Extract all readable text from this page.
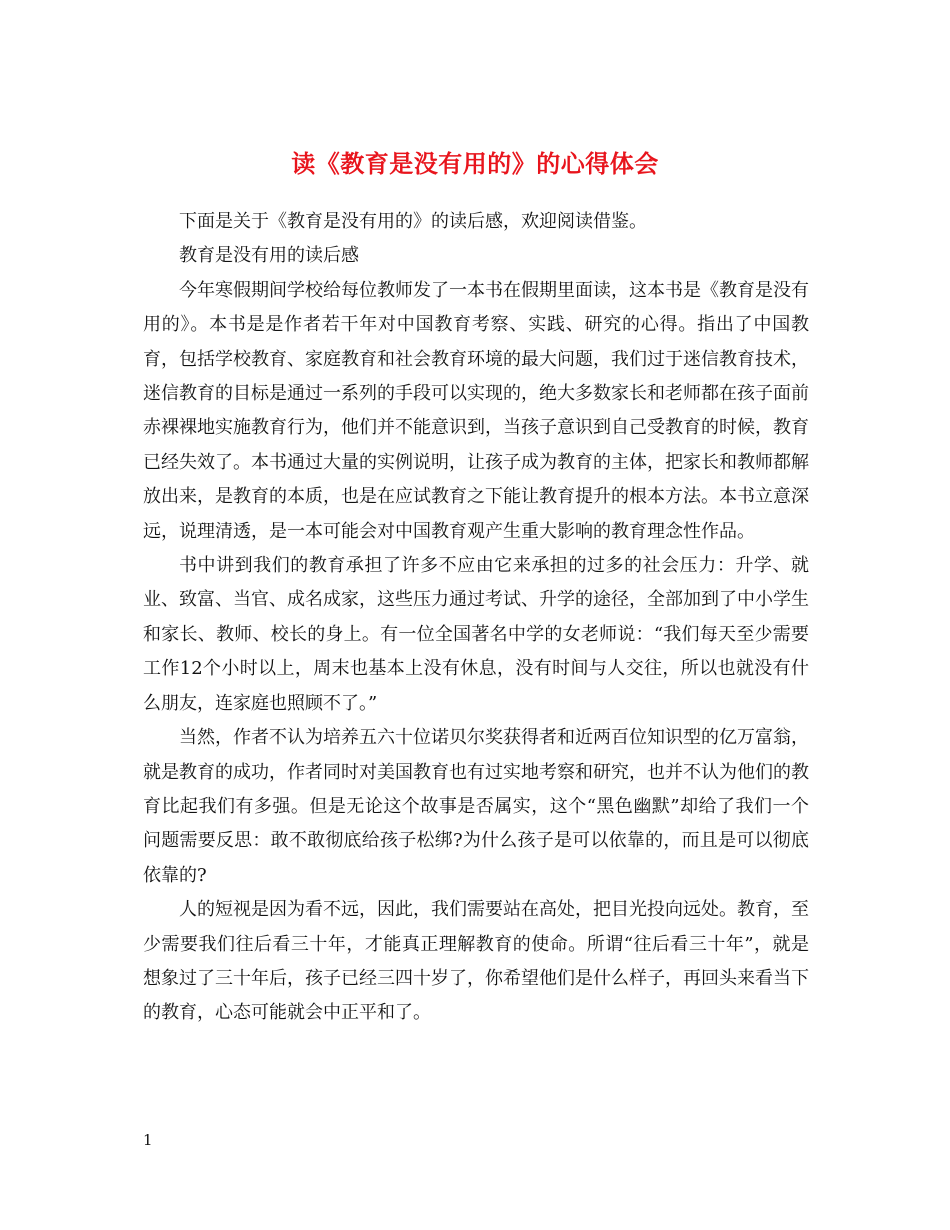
读《教育是没有用的》的心得体会

下面是关于《教育是没有用的》的读后感，欢迎阅读借鉴。

教育是没有用的读后感

今年寒假期间学校给每位教师发了一本书在假期里面读，这本书是《教育是没有用的》。本书是是作者若干年对中国教育考察、实践、研究的心得。指出了中国教育，包括学校教育、家庭教育和社会教育环境的最大问题，我们过于迷信教育技术，迷信教育的目标是通过一系列的手段可以实现的，绝大多数家长和老师都在孩子面前赤裸裸地实施教育行为，他们并不能意识到，当孩子意识到自己受教育的时候，教育已经失效了。本书通过大量的实例说明，让孩子成为教育的主体，把家长和教师都解放出来，是教育的本质，也是在应试教育之下能让教育提升的根本方法。本书立意深远，说理清透，是一本可能会对中国教育观产生重大影响的教育理念性作品。

书中讲到我们的教育承担了许多不应由它来承担的过多的社会压力：升学、就业、致富、当官、成名成家，这些压力通过考试、升学的途径，全部加到了中小学生和家长、教师、校长的身上。有一位全国著名中学的女老师说：“我们每天至少需要工作12个小时以上，周末也基本上没有休息，没有时间与人交往，所以也就没有什么朋友，连家庭也照顾不了。”

当然，作者不认为培养五六十位诺贝尔奖获得者和近两百位知识型的亿万富翁，就是教育的成功，作者同时对美国教育也有过实地考察和研究，也并不认为他们的教育比起我们有多强。但是无论这个故事是否属实，这个“黑色幽默”却给了我们一个问题需要反思：敢不敢彻底给孩子松绑?为什么孩子是可以依靠的，而且是可以彻底依靠的?

人的短视是因为看不远，因此，我们需要站在高处，把目光投向远处。教育，至少需要我们往后看三十年，才能真正理解教育的使命。所谓“往后看三十年”，就是想象过了三十年后，孩子已经三四十岁了，你希望他们是什么样子，再回头来看当下的教育，心态可能就会中正平和了。

1
